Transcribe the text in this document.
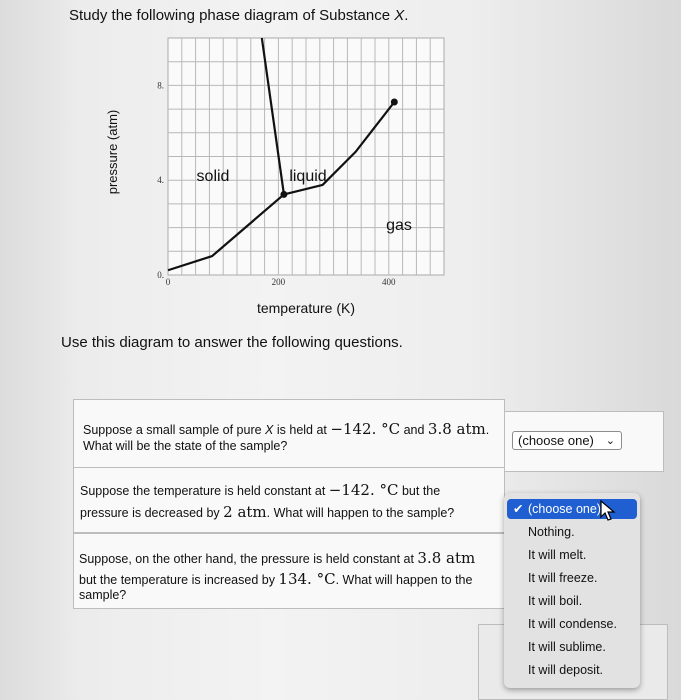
Study the following phase diagram of Substance X.
0	200	400
0.
4.
8.
temperature (K)
pressure (atm)	solid	liquid
gas
Use this diagram to answer the following questions.
Suppose a small sample of pure X is held at −142. °C and 3.8 atm.
What will be the state of the sample?
Suppose the temperature is held constant at −142. °C but the
pressure is decreased by 2 atm. What will happen to the sample?
Suppose, on the other hand, the pressure is held constant at 3.8 atm
but the temperature is increased by 134. °C. What will happen to the
sample?
(choose one) ⌄
✔ (choose one)
Nothing.
It will melt.
It will freeze.
It will boil.
It will condense.
It will sublime.
It will deposit.
